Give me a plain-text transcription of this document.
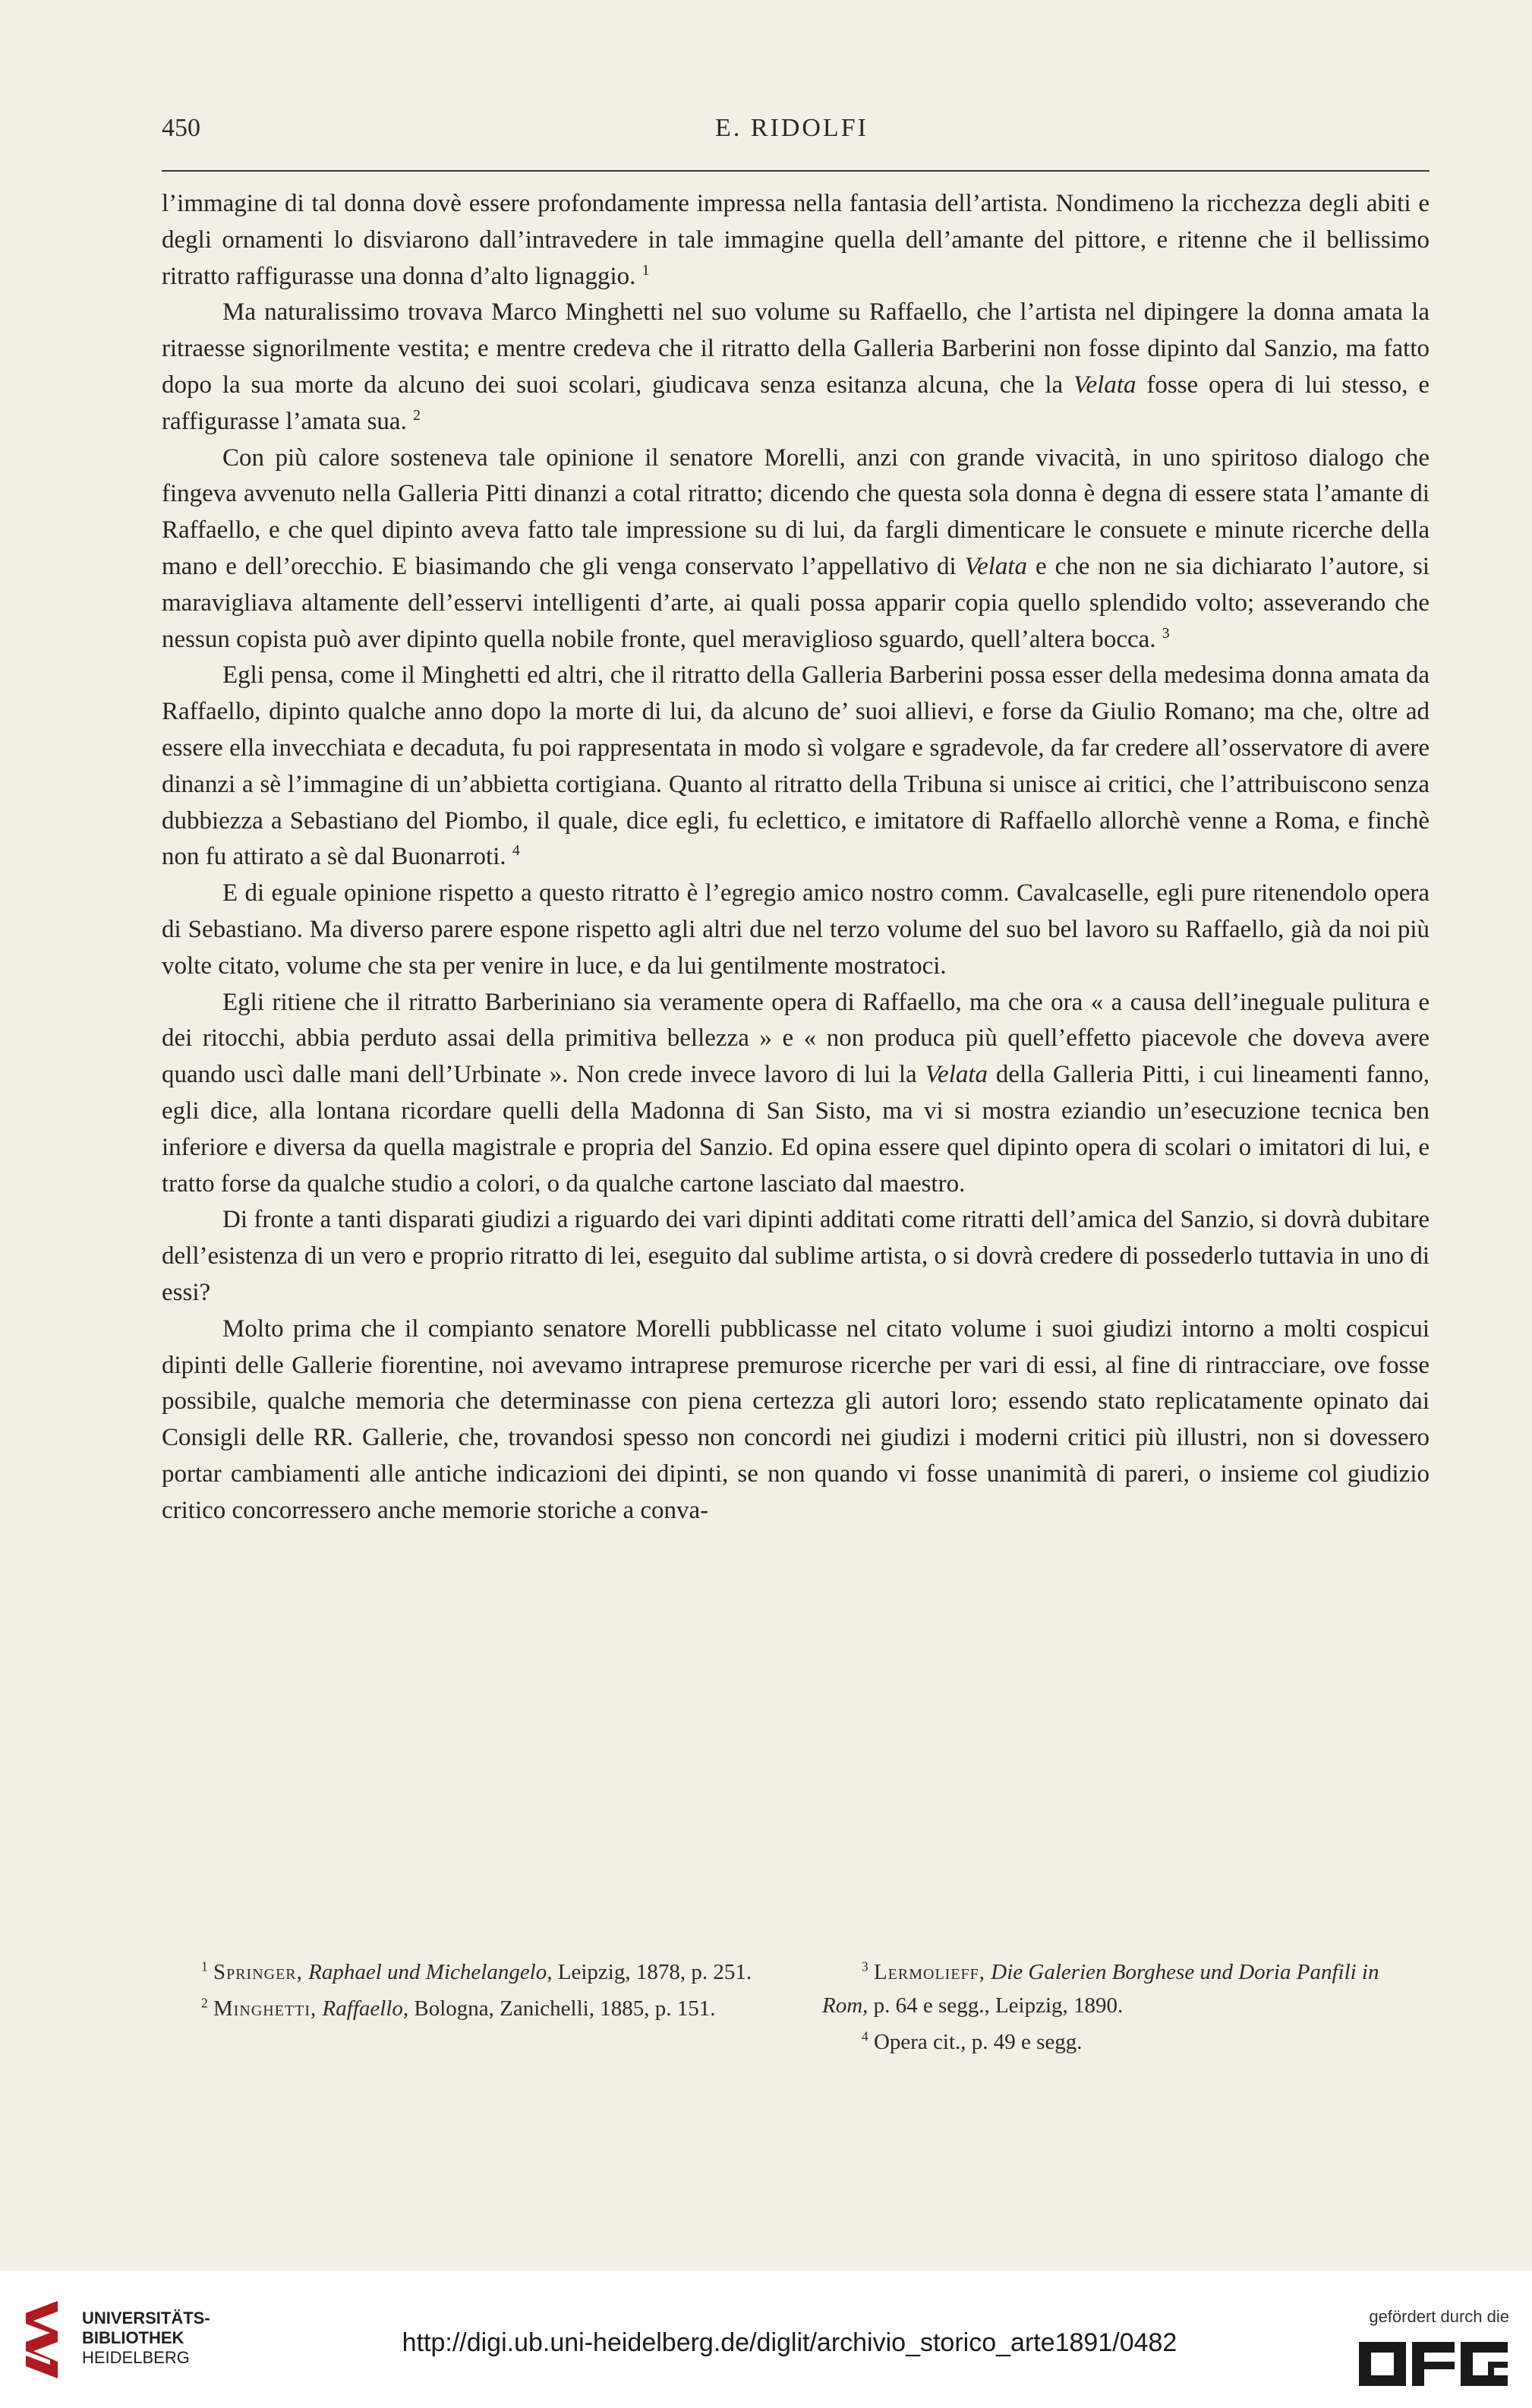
450	E. RIDOLFI

l’immagine di tal donna dovè essere profondamente impressa nella fantasia dell’artista. Nondimeno la ricchezza degli abiti e degli ornamenti lo disviarono dall’intravedere in tale immagine quella dell’amante del pittore, e ritenne che il bellissimo ritratto raffigurasse una donna d’alto lignaggio. $^1$

Ma naturalissimo trovava Marco Minghetti nel suo volume su Raffaello, che l’artista nel dipingere la donna amata la ritraesse signorilmente vestita; e mentre credeva che il ritratto della Galleria Barberini non fosse dipinto dal Sanzio, ma fatto dopo la sua morte da alcuno dei suoi scolari, giudicava senza esitanza alcuna, che la Velata fosse opera di lui stesso, e raffigurasse l’amata sua. $^2$

Con più calore sosteneva tale opinione il senatore Morelli, anzi con grande vivacità, in uno spiritoso dialogo che fingeva avvenuto nella Galleria Pitti dinanzi a cotal ritratto; dicendo che questa sola donna è degna di essere stata l’amante di Raffaello, e che quel dipinto aveva fatto tale impressione su di lui, da fargli dimenticare le consuete e minute ricerche della mano e dell’orecchio. E biasimando che gli venga conservato l’appellativo di Velata e che non ne sia dichiarato l’autore, si maravigliava altamente dell’esservi intelligenti d’arte, ai quali possa apparir copia quello splendido volto; asseverando che nessun copista può aver dipinto quella nobile fronte, quel meraviglioso sguardo, quell’altera bocca. $^3$

Egli pensa, come il Minghetti ed altri, che il ritratto della Galleria Barberini possa esser della medesima donna amata da Raffaello, dipinto qualche anno dopo la morte di lui, da alcuno de’ suoi allievi, e forse da Giulio Romano; ma che, oltre ad essere ella invecchiata e decaduta, fu poi rappresentata in modo sì volgare e sgradevole, da far credere all’osservatore di avere dinanzi a sè l’immagine di un’abbietta cortigiana. Quanto al ritratto della Tribuna si unisce ai critici, che l’attribuiscono senza dubbiezza a Sebastiano del Piombo, il quale, dice egli, fu eclettico, e imitatore di Raffaello allorchè venne a Roma, e finchè non fu attirato a sè dal Buonarroti. $^4$

E di eguale opinione rispetto a questo ritratto è l’egregio amico nostro comm. Cavalcaselle, egli pure ritenendolo opera di Sebastiano. Ma diverso parere espone rispetto agli altri due nel terzo volume del suo bel lavoro su Raffaello, già da noi più volte citato, volume che sta per venire in luce, e da lui gentilmente mostratoci.

Egli ritiene che il ritratto Barberiniano sia veramente opera di Raffaello, ma che ora « a causa dell’ineguale pulitura e dei ritocchi, abbia perduto assai della primitiva bellezza » e « non produca più quell’effetto piacevole che doveva avere quando uscì dalle mani dell’Urbinate ». Non crede invece lavoro di lui la Velata della Galleria Pitti, i cui lineamenti fanno, egli dice, alla lontana ricordare quelli della Madonna di San Sisto, ma vi si mostra eziandio un’esecuzione tecnica ben inferiore e diversa da quella magistrale e propria del Sanzio. Ed opina essere quel dipinto opera di scolari o imitatori di lui, e tratto forse da qualche studio a colori, o da qualche cartone lasciato dal maestro.

Di fronte a tanti disparati giudizi a riguardo dei vari dipinti additati come ritratti dell’amica del Sanzio, si dovrà dubitare dell’esistenza di un vero e proprio ritratto di lei, eseguito dal sublime artista, o si dovrà credere di possederlo tuttavia in uno di essi?

Molto prima che il compianto senatore Morelli pubblicasse nel citato volume i suoi giudizi intorno a molti cospicui dipinti delle Gallerie fiorentine, noi avevamo intraprese premurose ricerche per vari di essi, al fine di rintracciare, ove fosse possibile, qualche memoria che determinasse con piena certezza gli autori loro; essendo stato replicatamente opinato dai Consigli delle RR. Gallerie, che, trovandosi spesso non concordi nei giudizi i moderni critici più illustri, non si dovessero portar cambiamenti alle antiche indicazioni dei dipinti, se non quando vi fosse unanimità di pareri, o insieme col giudizio critico concorressero anche memorie storiche a conva-

$^1$ Springer, Raphael und Michelangelo, Leipzig, 1878, p. 251.

$^2$ Minghetti, Raffaello, Bologna, Zanichelli, 1885, p. 151.

$^3$ Lermolieff, Die Galerien Borghese und Doria Panfili in Rom, p. 64 e segg., Leipzig, 1890.

$^4$ Opera cit., p. 49 e segg.

UNIVERSITÄTS-
BIBLIOTHEK
HEIDELBERG
http://digi.ub.uni-heidelberg.de/diglit/archivio_storico_arte1891/0482
gefördert durch die
